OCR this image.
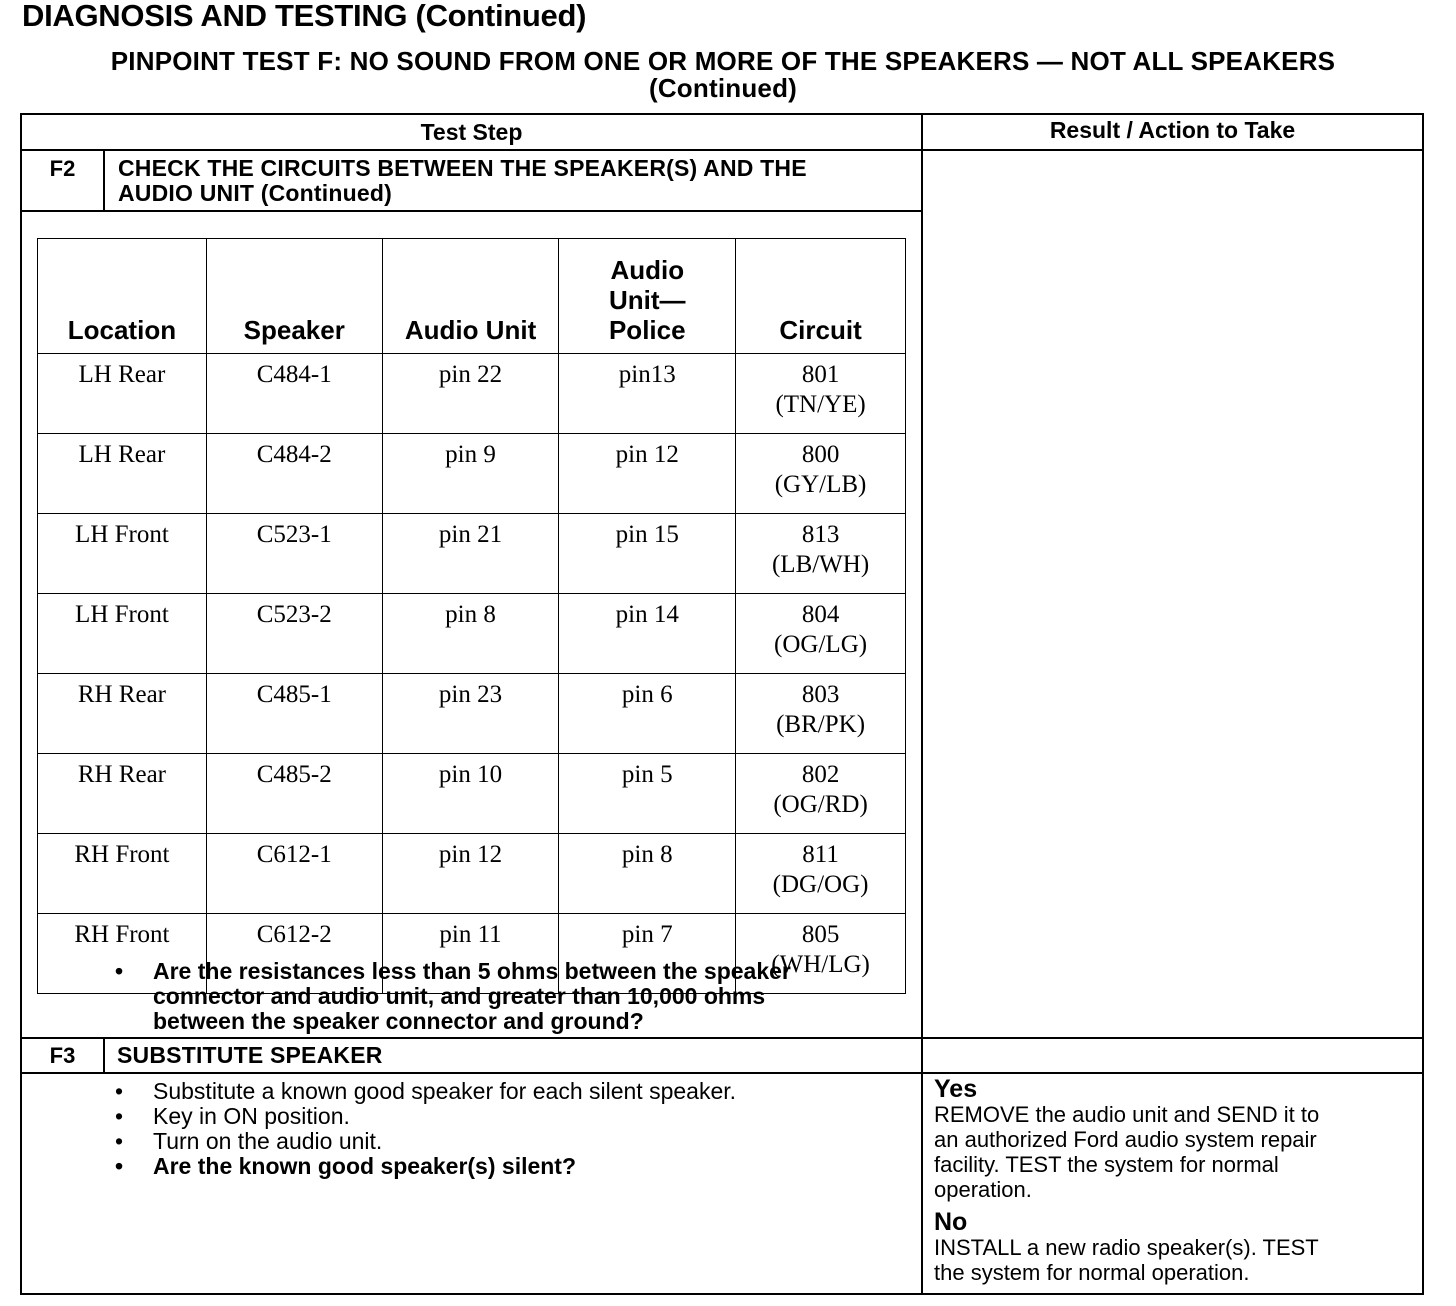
DIAGNOSIS AND TESTING (Continued)
PINPOINT TEST F: NO SOUND FROM ONE OR MORE OF THE SPEAKERS — NOT ALL SPEAKERS
(Continued)
Test Step	Result / Action to Take
F2	CHECK THE CIRCUITS BETWEEN THE SPEAKER(S) AND THE
AUDIO UNIT (Continued)
Location	Speaker	Audio Unit	Audio
Unit—
Police	Circuit
LH Rear	C484-1	pin 22	pin13	801
(TN/YE)

LH Rear	C484-2	pin 9	pin 12	800
(GY/LB)

LH Front	C523-1	pin 21	pin 15	813
(LB/WH)

LH Front	C523-2	pin 8	pin 14	804
(OG/LG)

RH Rear	C485-1	pin 23	pin 6	803
(BR/PK)

RH Rear	C485-2	pin 10	pin 5	802
(OG/RD)

RH Front	C612-1	pin 12	pin 8	811
(DG/OG)

RH Front	C612-2	pin 11	pin 7	805
(WH/LG)
• Are the resistances less than 5 ohms between the speaker
connector and audio unit, and greater than 10,000 ohms
between the speaker connector and ground?
F3	SUBSTITUTE SPEAKER
• Substitute a known good speaker for each silent speaker.
• Key in ON position.
• Turn on the audio unit.
• Are the known good speaker(s) silent?
Yes
REMOVE the audio unit and SEND it to
an authorized Ford audio system repair
facility. TEST the system for normal
operation.
No
INSTALL a new radio speaker(s). TEST
the system for normal operation.
